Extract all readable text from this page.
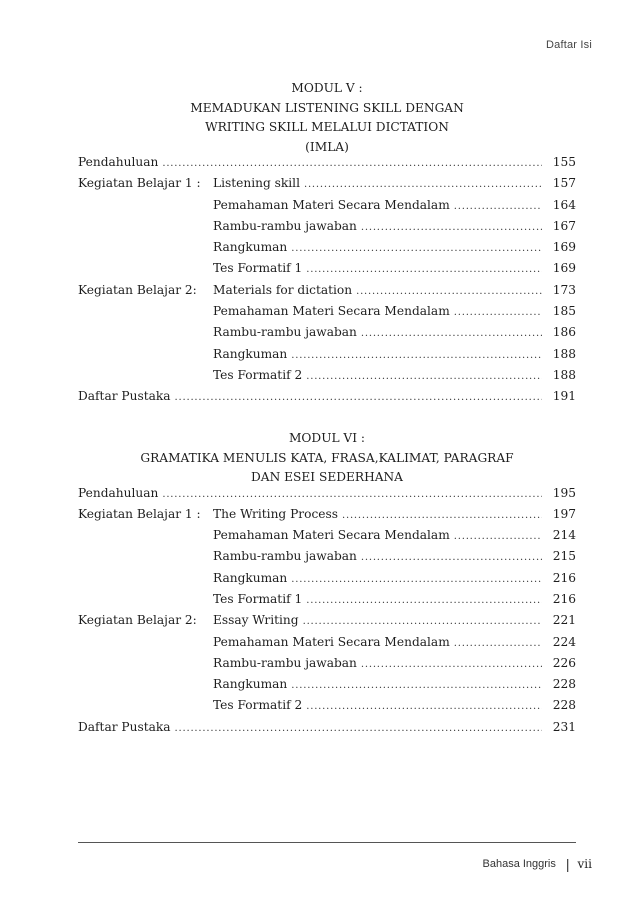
Daftar Isi
MODUL V :
MEMADUKAN LISTENING SKILL DENGAN
WRITING SKILL MELALUI DICTATION
(IMLA)
Pendahuluan .....	155
Kegiatan Belajar 1 : Listening skill .....	157
Pemahaman Materi Secara Mendalam .....	164
Rambu-rambu jawaban .....	167
Rangkuman .....	169
Tes Formatif 1 .....	169
Kegiatan Belajar 2: Materials for dictation .....	173
Pemahaman Materi Secara Mendalam .....	185
Rambu-rambu jawaban .....	186
Rangkuman .....	188
Tes Formatif 2 .....	188
Daftar Pustaka .....	191
MODUL VI :
GRAMATIKA MENULIS KATA, FRASA,KALIMAT, PARAGRAF
DAN ESEI SEDERHANA
Pendahuluan .....	195
Kegiatan Belajar 1 : The Writing Process .....	197
Pemahaman Materi Secara Mendalam .....	214
Rambu-rambu jawaban .....	215
Rangkuman .....	216
Tes Formatif 1 .....	216
Kegiatan Belajar 2: Essay Writing .....	221
Pemahaman Materi Secara Mendalam .....	224
Rambu-rambu jawaban .....	226
Rangkuman .....	228
Tes Formatif 2 .....	228
Daftar Pustaka .....	231
Bahasa Inggris | vii
